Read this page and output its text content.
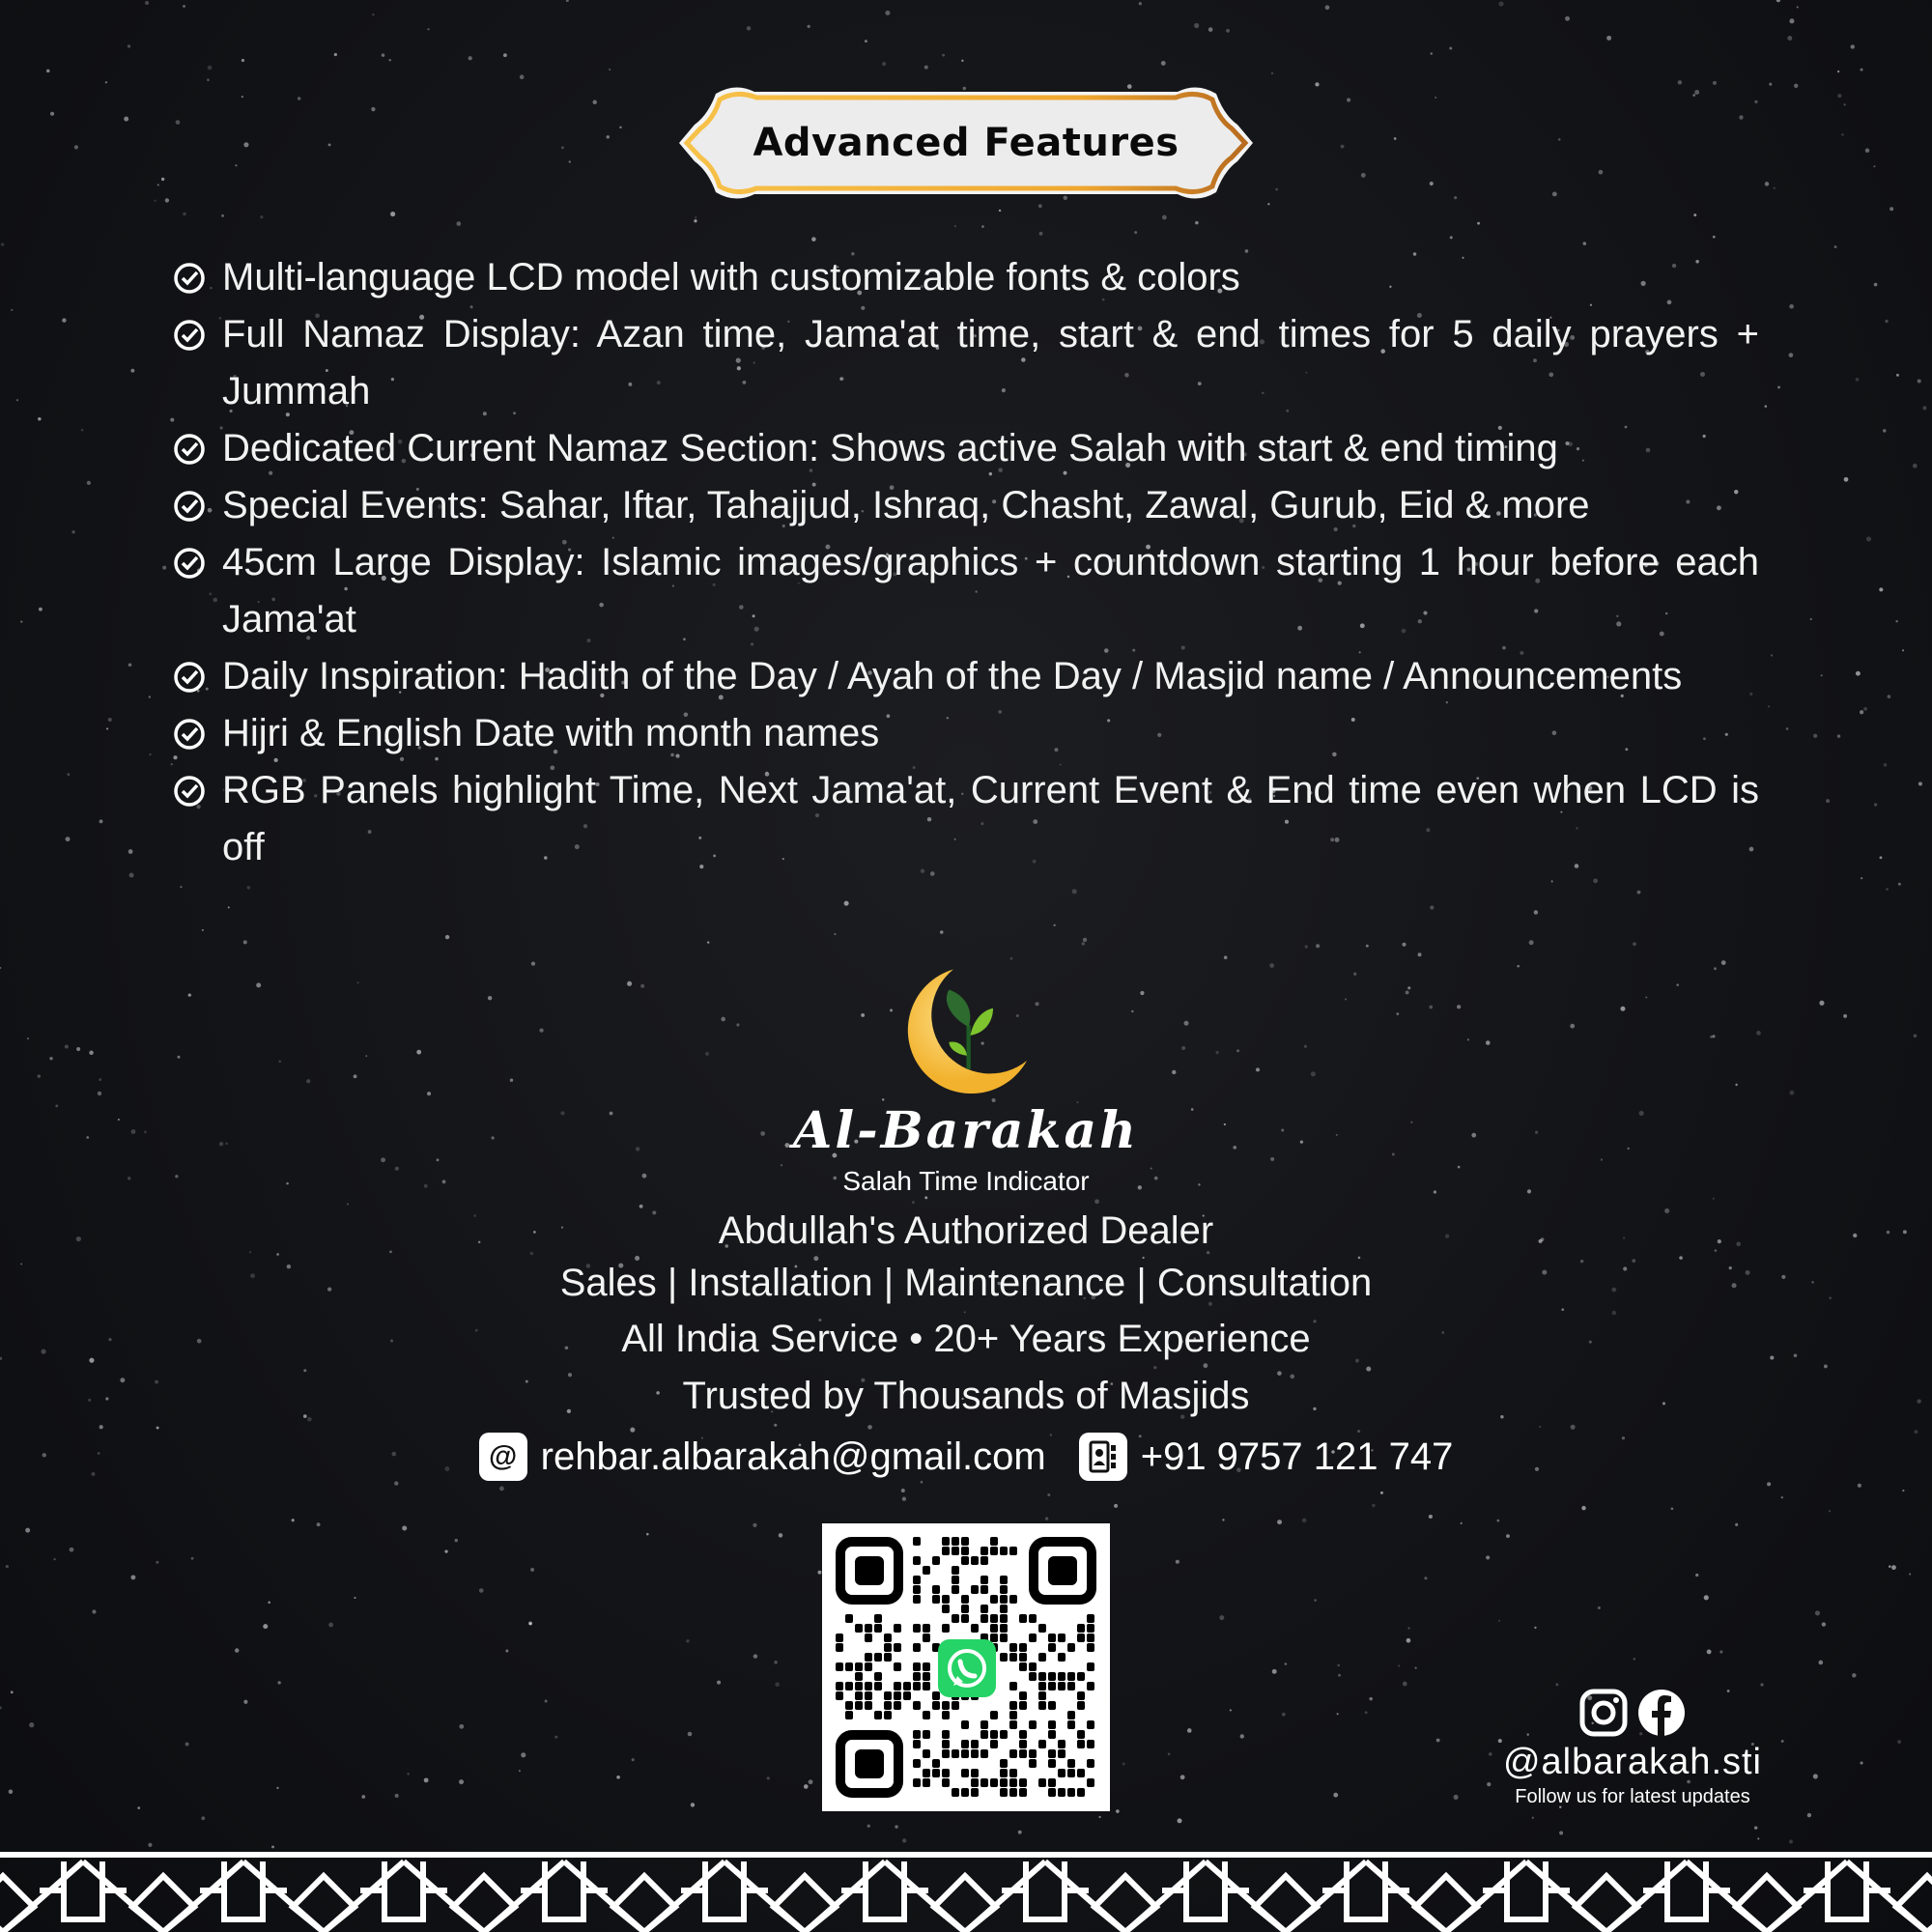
Advanced Features
Multi-language LCD model with customizable fonts & colors
Full Namaz Display: Azan time, Jama'at time, start & end times for 5 daily prayers + Jummah
Dedicated Current Namaz Section: Shows active Salah with start & end timing
Special Events: Sahar, Iftar, Tahajjud, Ishraq, Chasht, Zawal, Gurub, Eid & more
45cm Large Display: Islamic images/graphics + countdown starting 1 hour before each Jama'at
Daily Inspiration: Hadith of the Day / Ayah of the Day / Masjid name / Announcements
Hijri & English Date with month names
RGB Panels highlight Time, Next Jama'at, Current Event & End time even when LCD is off
Al-Barakah
Salah Time Indicator
Abdullah's Authorized Dealer
Sales | Installation | Maintenance | Consultation
All India Service • 20+ Years Experience
Trusted by Thousands of Masjids
@ rehbar.albarakah@gmail.com +91 9757 121 747
@albarakah.sti
Follow us for latest updates
